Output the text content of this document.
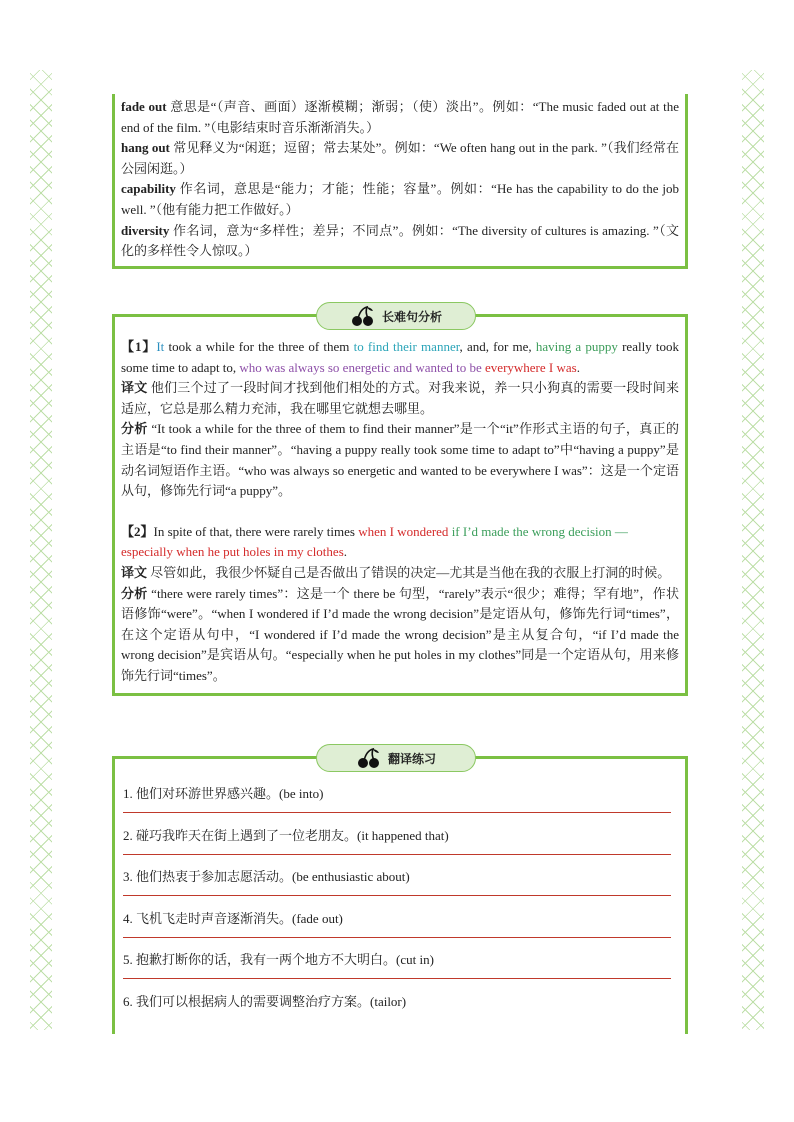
fade out 意思是“（声音、画面）逐渐模糊；渐弱；（使）淡出”。例如：“The music faded out at the end of the film. ”（电影结束时音乐渐渐消失。）

hang out 常见释义为“闲逛；逗留；常去某处”。例如：“We often hang out in the park. ”（我们经常在公园闲逛。）

capability 作名词，意思是“能力；才能；性能；容量”。例如：“He has the capability to do the job well. ”（他有能力把工作做好。）

diversity 作名词，意为“多样性；差异；不同点”。例如：“The diversity of cultures is amazing. ”（文化的多样性令人惊叹。）

【1】It took a while for the three of them to find their manner, and, for me, having a puppy really took some time to adapt to, who was always so energetic and wanted to be everywhere I was.

译文 他们三个过了一段时间才找到他们相处的方式。对我来说，养一只小狗真的需要一段时间来适应，它总是那么精力充沛，我在哪里它就想去哪里。

分析 “It took a while for the three of them to find their manner”是一个“it”作形式主语的句子，真正的主语是“to find their manner”。“having a puppy really took some time to adapt to”中“having a puppy”是动名词短语作主语。“who was always so energetic and wanted to be everywhere I was”：这是一个定语从句，修饰先行词“a puppy”。

【2】In spite of that, there were rarely times when I wondered if I’d made the wrong decision —
especially when he put holes in my clothes.

译文 尽管如此，我很少怀疑自己是否做出了错误的决定—尤其是当他在我的衣服上打洞的时候。

分析 “there were rarely times”：这是一个 there be 句型，“rarely”表示“很少；难得；罕有地”，作状语修饰“were”。“when I wondered if I’d made the wrong decision”是定语从句，修饰先行词“times”，在这个定语从句中，“I wondered if I’d made the wrong decision”是主从复合句，“if I’d made the wrong decision”是宾语从句。“especially when he put holes in my clothes”同是一个定语从句，用来修饰先行词“times”。

长难句分析
1. 他们对环游世界感兴趣。(be into)
2. 碰巧我昨天在街上遇到了一位老朋友。(it happened that)
3. 他们热衷于参加志愿活动。(be enthusiastic about)
4. 飞机飞走时声音逐渐消失。(fade out)
5. 抱歉打断你的话，我有一两个地方不大明白。(cut in)
6. 我们可以根据病人的需要调整治疗方案。(tailor)
翻译练习
